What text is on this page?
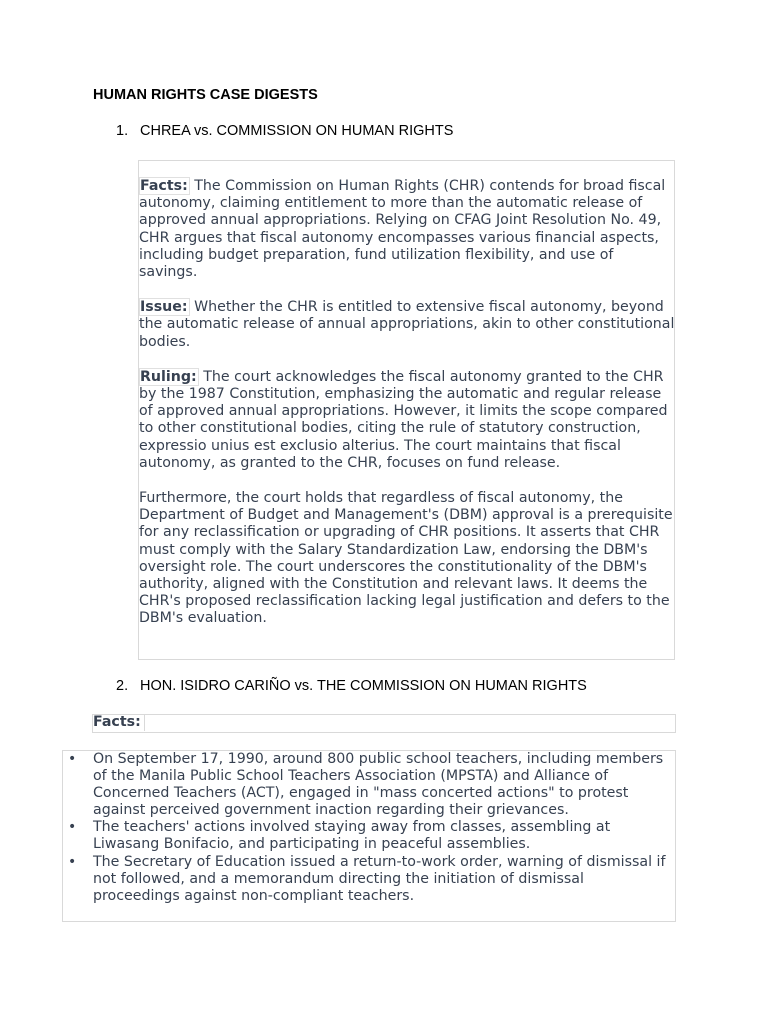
HUMAN RIGHTS CASE DIGESTS
1. CHREA vs. COMMISSION ON HUMAN RIGHTS

Facts: The Commission on Human Rights (CHR) contends for broad fiscal autonomy, claiming entitlement to more than the automatic release of approved annual appropriations. Relying on CFAG Joint Resolution No. 49, CHR argues that fiscal autonomy encompasses various financial aspects, including budget preparation, fund utilization flexibility, and use of savings.

Issue: Whether the CHR is entitled to extensive fiscal autonomy, beyond the automatic release of annual appropriations, akin to other constitutional bodies.

Ruling: The court acknowledges the fiscal autonomy granted to the CHR by the 1987 Constitution, emphasizing the automatic and regular release of approved annual appropriations. However, it limits the scope compared to other constitutional bodies, citing the rule of statutory construction, expressio unius est exclusio alterius. The court maintains that fiscal autonomy, as granted to the CHR, focuses on fund release.

Furthermore, the court holds that regardless of fiscal autonomy, the Department of Budget and Management's (DBM) approval is a prerequisite for any reclassification or upgrading of CHR positions. It asserts that CHR must comply with the Salary Standardization Law, endorsing the DBM's oversight role. The court underscores the constitutionality of the DBM's authority, aligned with the Constitution and relevant laws. It deems the CHR's proposed reclassification lacking legal justification and defers to the DBM's evaluation.

2. HON. ISIDRO CARIÑO vs. THE COMMISSION ON HUMAN RIGHTS
Facts:
• On September 17, 1990, around 800 public school teachers, including members of the Manila Public School Teachers Association (MPSTA) and Alliance of Concerned Teachers (ACT), engaged in "mass concerted actions" to protest against perceived government inaction regarding their grievances.
• The teachers' actions involved staying away from classes, assembling at Liwasang Bonifacio, and participating in peaceful assemblies.
• The Secretary of Education issued a return-to-work order, warning of dismissal if not followed, and a memorandum directing the initiation of dismissal proceedings against non-compliant teachers.
